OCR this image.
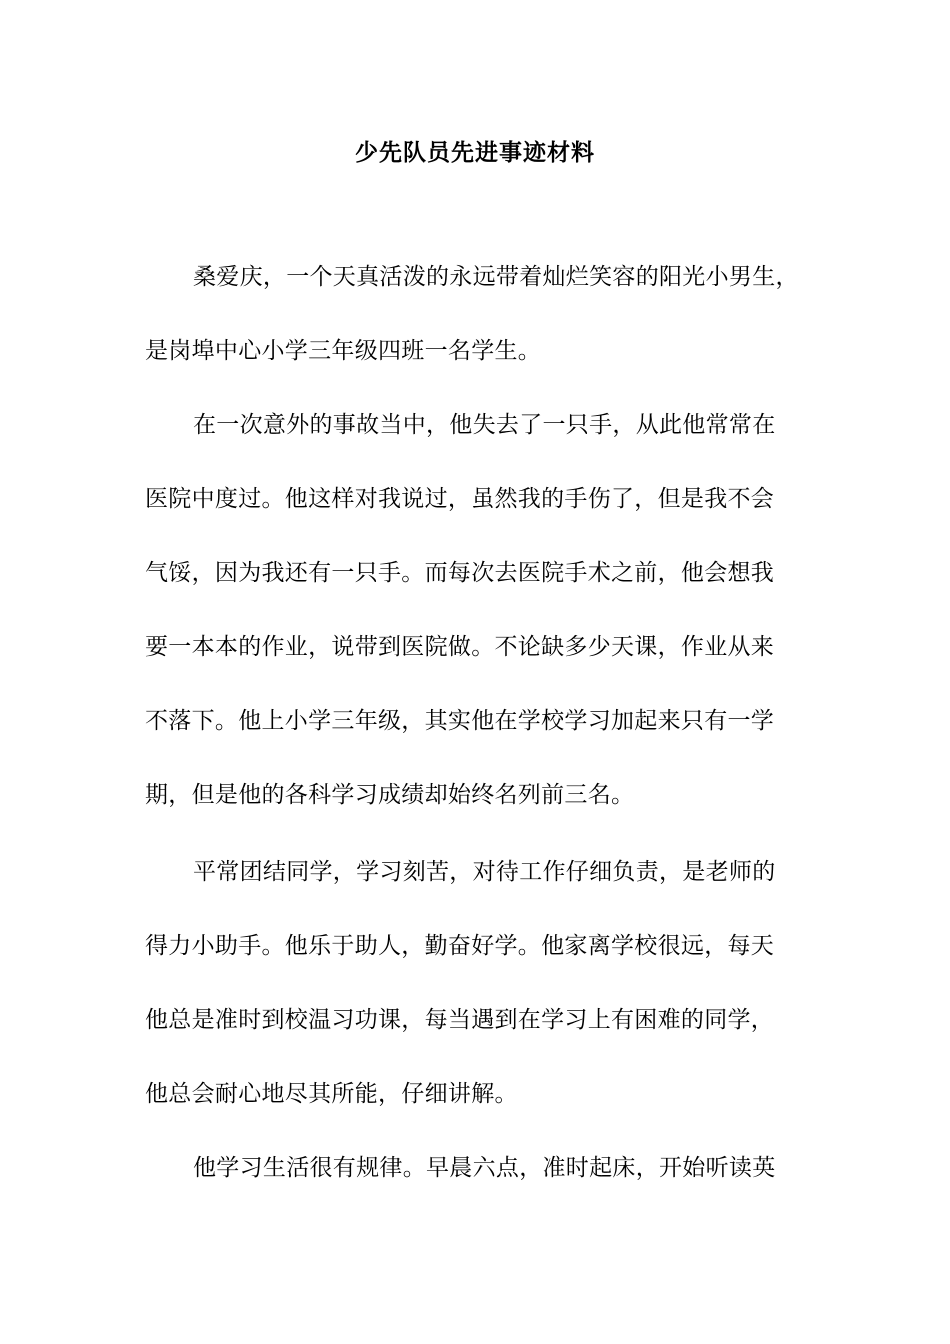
少先队员先进事迹材料
桑爱庆，一个天真活泼的永远带着灿烂笑容的阳光小男生，
是岗埠中心小学三年级四班一名学生。
在一次意外的事故当中，他失去了一只手，从此他常常在
医院中度过。他这样对我说过，虽然我的手伤了，但是我不会
气馁，因为我还有一只手。而每次去医院手术之前，他会想我
要一本本的作业，说带到医院做。不论缺多少天课，作业从来
不落下。他上小学三年级，其实他在学校学习加起来只有一学
期，但是他的各科学习成绩却始终名列前三名。
平常团结同学，学习刻苦，对待工作仔细负责，是老师的
得力小助手。他乐于助人，勤奋好学。他家离学校很远，每天
他总是准时到校温习功课，每当遇到在学习上有困难的同学，
他总会耐心地尽其所能，仔细讲解。
他学习生活很有规律。早晨六点，准时起床，开始听读英
